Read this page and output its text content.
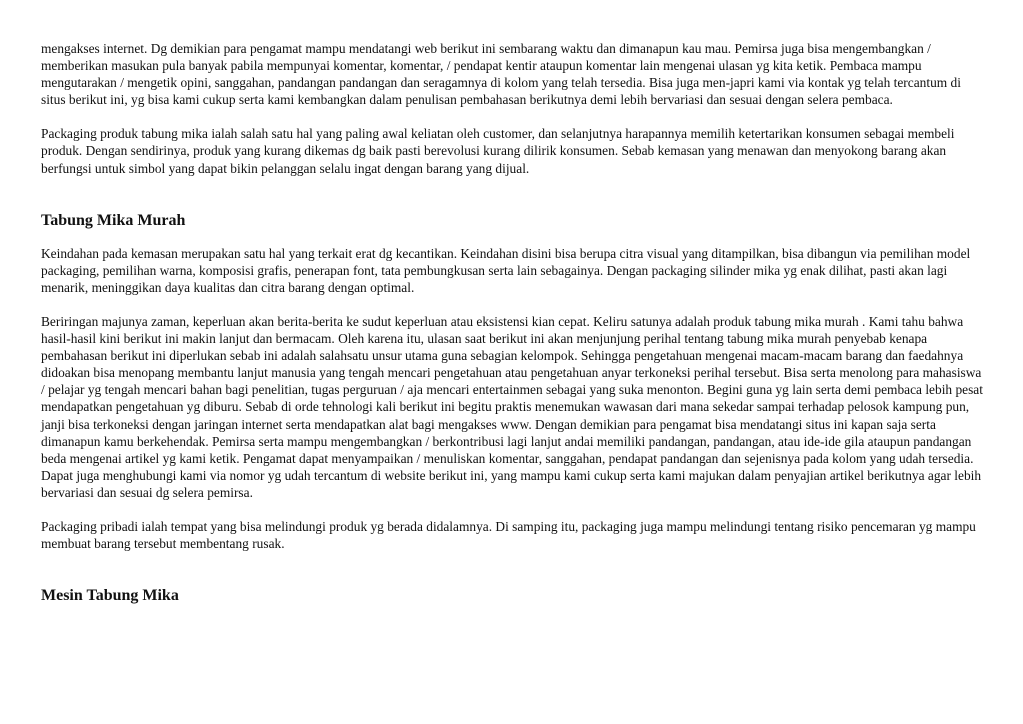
mengakses internet. Dg demikian para pengamat mampu mendatangi web berikut ini sembarang waktu dan dimanapun kau mau. Pemirsa juga bisa mengembangkan / memberikan masukan pula banyak pabila mempunyai komentar, komentar, / pendapat kentir ataupun komentar lain mengenai ulasan yg kita ketik. Pembaca mampu mengutarakan / mengetik opini, sanggahan, pandangan pandangan dan seragamnya di kolom yang telah tersedia. Bisa juga men-japri kami via kontak yg telah tercantum di situs berikut ini, yg bisa kami cukup serta kami kembangkan dalam penulisan pembahasan berikutnya demi lebih bervariasi dan sesuai dengan selera pembaca.

Packaging produk tabung mika ialah salah satu hal yang paling awal keliatan oleh customer, dan selanjutnya harapannya memilih ketertarikan konsumen sebagai membeli produk. Dengan sendirinya, produk yang kurang dikemas dg baik pasti berevolusi kurang dilirik konsumen. Sebab kemasan yang menawan dan menyokong barang akan berfungsi untuk simbol yang dapat bikin pelanggan selalu ingat dengan barang yang dijual.

Tabung Mika Murah

Keindahan pada kemasan merupakan satu hal yang terkait erat dg kecantikan. Keindahan disini bisa berupa citra visual yang ditampilkan, bisa dibangun via pemilihan model packaging, pemilihan warna, komposisi grafis, penerapan font, tata pembungkusan serta lain sebagainya. Dengan packaging silinder mika yg enak dilihat, pasti akan lagi menarik, meninggikan daya kualitas dan citra barang dengan optimal.

Beriringan majunya zaman, keperluan akan berita-berita ke sudut keperluan atau eksistensi kian cepat. Keliru satunya adalah produk tabung mika murah . Kami tahu bahwa hasil-hasil kini berikut ini makin lanjut dan bermacam. Oleh karena itu, ulasan saat berikut ini akan menjunjung perihal tentang tabung mika murah penyebab kenapa pembahasan berikut ini diperlukan sebab ini adalah salahsatu unsur utama guna sebagian kelompok. Sehingga pengetahuan mengenai macam-macam barang dan faedahnya didoakan bisa menopang membantu lanjut manusia yang tengah mencari pengetahuan atau pengetahuan anyar terkoneksi perihal tersebut. Bisa serta menolong para mahasiswa / pelajar yg tengah mencari bahan bagi penelitian, tugas perguruan / aja mencari entertainmen sebagai yang suka menonton. Begini guna yg lain serta demi pembaca lebih pesat mendapatkan pengetahuan yg diburu. Sebab di orde tehnologi kali berikut ini begitu praktis menemukan wawasan dari mana sekedar sampai terhadap pelosok kampung pun, janji bisa terkoneksi dengan jaringan internet serta mendapatkan alat bagi mengakses www. Dengan demikian para pengamat bisa mendatangi situs ini kapan saja serta dimanapun kamu berkehendak. Pemirsa serta mampu mengembangkan / berkontribusi lagi lanjut andai memiliki pandangan, pandangan, atau ide-ide gila ataupun pandangan beda mengenai artikel yg kami ketik. Pengamat dapat menyampaikan / menuliskan komentar, sanggahan, pendapat pandangan dan sejenisnya pada kolom yang udah tersedia. Dapat juga menghubungi kami via nomor yg udah tercantum di website berikut ini, yang mampu kami cukup serta kami majukan dalam penyajian artikel berikutnya agar lebih bervariasi dan sesuai dg selera pemirsa.

Packaging pribadi ialah tempat yang bisa melindungi produk yg berada didalamnya. Di samping itu, packaging juga mampu melindungi tentang risiko pencemaran yg mampu membuat barang tersebut membentang rusak.

Mesin Tabung Mika
